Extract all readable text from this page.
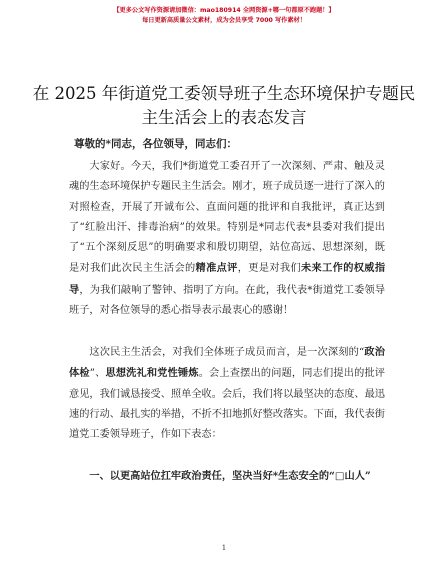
【更多公文写作资源请加微信：mao180914 全网资源+哪一句都原不跑题！】
每日更新高质量公文素材，成为会员享受 7000 写作素材！
在 2025 年街道党工委领导班子生态环境保护专题民主生活会上的表态发言
尊敬的*同志，各位领导，同志们：

大家好。今天，我们*街道党工委召开了一次深刻、严肃、触及灵魂的生态环境保护专题民主生活会。刚才，班子成员逐一进行了深入的对照检查，开展了开诚布公、直面问题的批评和自我批评，真正达到了“红脸出汗、排毒治病”的效果。特别是*同志代表*县委对我们提出了“五个深刻反思”的明确要求和殷切期望，站位高远、思想深刻，既是对我们此次民主生活会的精准点评，更是对我们未来工作的权威指导，为我们敲响了警钟、指明了方向。在此，我代表*街道党工委领导班子，对各位领导的悉心指导表示最衷心的感谢！

这次民主生活会，对我们全体班子成员而言，是一次深刻的“政治体检”、思想洗礼和党性锤炼。会上查摆出的问题，同志们提出的批评意见，我们诚恳接受、照单全收。会后，我们将以最坚决的态度、最迅速的行动、最扎实的举措，不折不扣地抓好整改落实。下面，我代表街道党工委领导班子，作如下表态：

一、以更高站位扛牢政治责任，坚决当好*生态安全的“□山人”

1
